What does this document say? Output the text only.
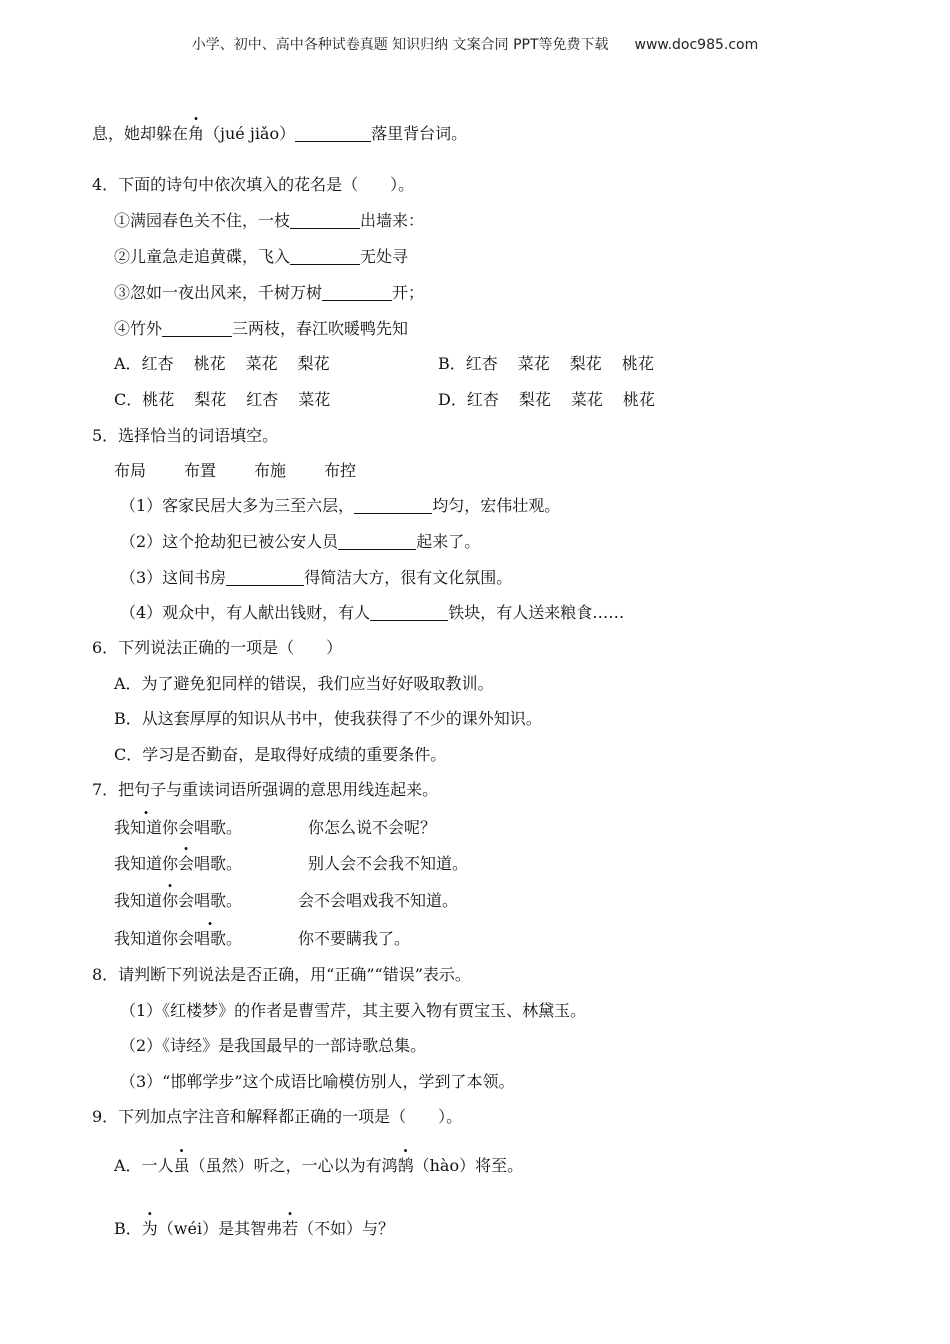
小学、初中、高中各种试卷真题 知识归纳 文案合同 PPT等免费下载 www.doc985.com
息，她却躲在角（jué jiǎo）	落里背台词。
4．下面的诗句中依次填入的花名是（　　）。
①满园春色关不住，一枝	出墙来：
②儿童急走追黄碟，飞入	无处寻
③忽如一夜出风来，千树万树	开；
④竹外	三两枝，春江吹暖鸭先知
A．红杏 桃花 菜花 梨花	B．红杏 菜花 梨花 桃花
C．桃花 梨花 红杏 菜花	D．红杏 梨花 菜花 桃花
5．选择恰当的词语填空。
布局 布置 布施 布控
（1）客家民居大多为三至六层，	均匀，宏伟壮观。
（2）这个抢劫犯已被公安人员	起来了。
（3）这间书房	得简洁大方，很有文化氛围。
（4）观众中，有人献出钱财，有人	铁块，有人送来粮食……
6．下列说法正确的一项是（　　）
A．为了避免犯同样的错误，我们应当好好吸取教训。
B．从这套厚厚的知识从书中，使我获得了不少的课外知识。
C．学习是否勤奋，是取得好成绩的重要条件。
7．把句子与重读词语所强调的意思用线连起来。
我知道你会唱歌。	你怎么说不会呢？
我知道你会唱歌。	别人会不会我不知道。
我知道你会唱歌。	会不会唱戏我不知道。
我知道你会唱歌。	你不要瞒我了。
8．请判断下列说法是否正确，用“正确”“错误”表示。
（1）《红楼梦》的作者是曹雪芹，其主要入物有贾宝玉、林黛玉。
（2）《诗经》是我国最早的一部诗歌总集。
（3）“邯郸学步”这个成语比喻模仿别人，学到了本领。
9．下列加点字注音和解释都正确的一项是（　　）。
A．一人虽（虽然）听之，一心以为有鸿鹄（hào）将至。
B．为（wéi）是其智弗若（不如）与？
